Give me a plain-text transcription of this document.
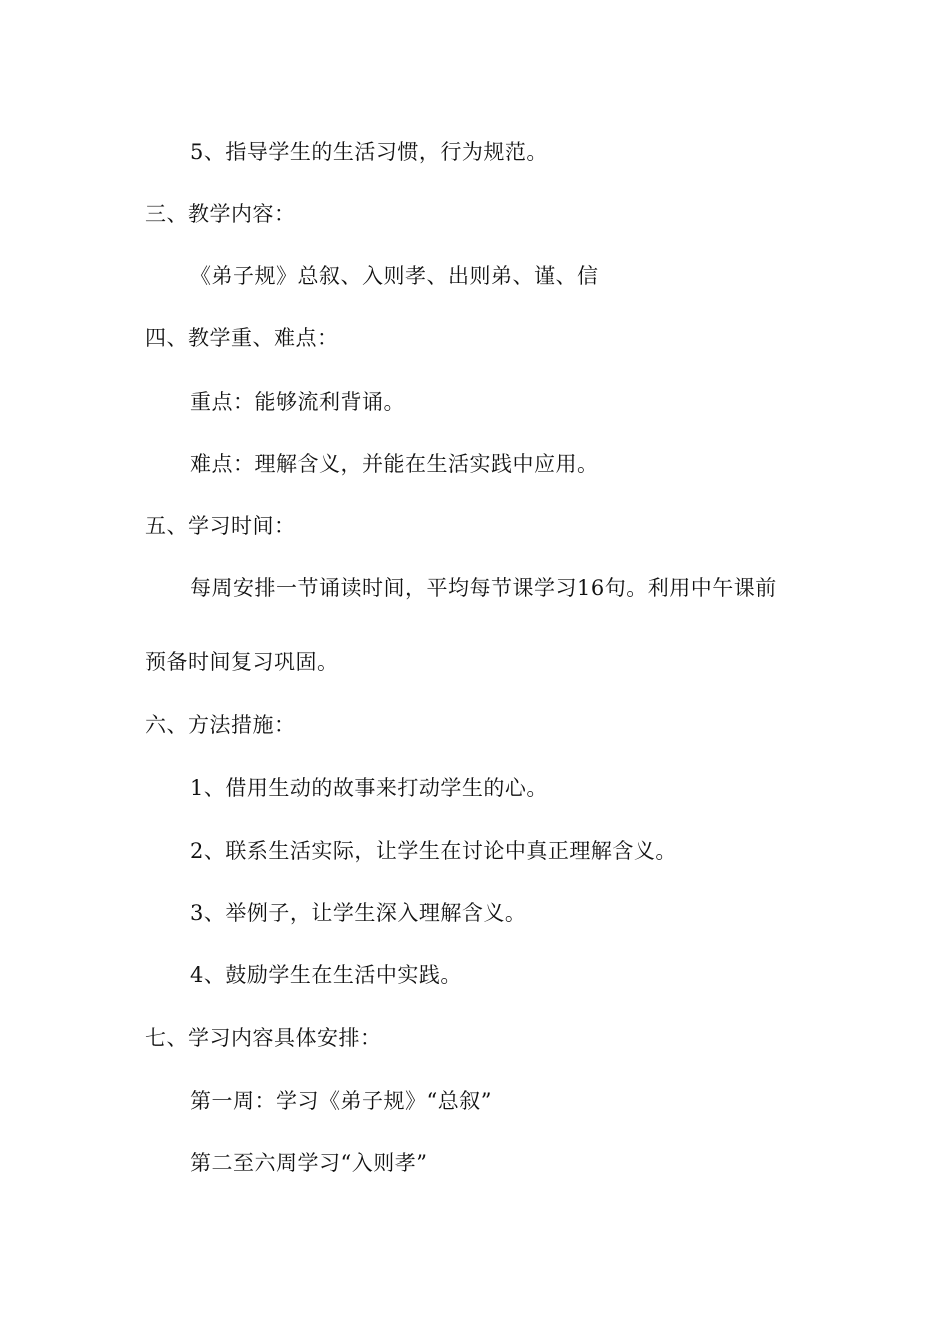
5、指导学生的生活习惯，行为规范。
三、教学内容：
《弟子规》总叙、入则孝、出则弟、谨、信
四、教学重、难点：
重点：能够流利背诵。
难点：理解含义，并能在生活实践中应用。
五、学习时间：
每周安排一节诵读时间，平均每节课学习16句。利用中午课前
预备时间复习巩固。
六、方法措施：
1、借用生动的故事来打动学生的心。
2、联系生活实际，让学生在讨论中真正理解含义。
3、举例子，让学生深入理解含义。
4、鼓励学生在生活中实践。
七、学习内容具体安排：
第一周：学习《弟子规》“总叙”
第二至六周学习“入则孝”
